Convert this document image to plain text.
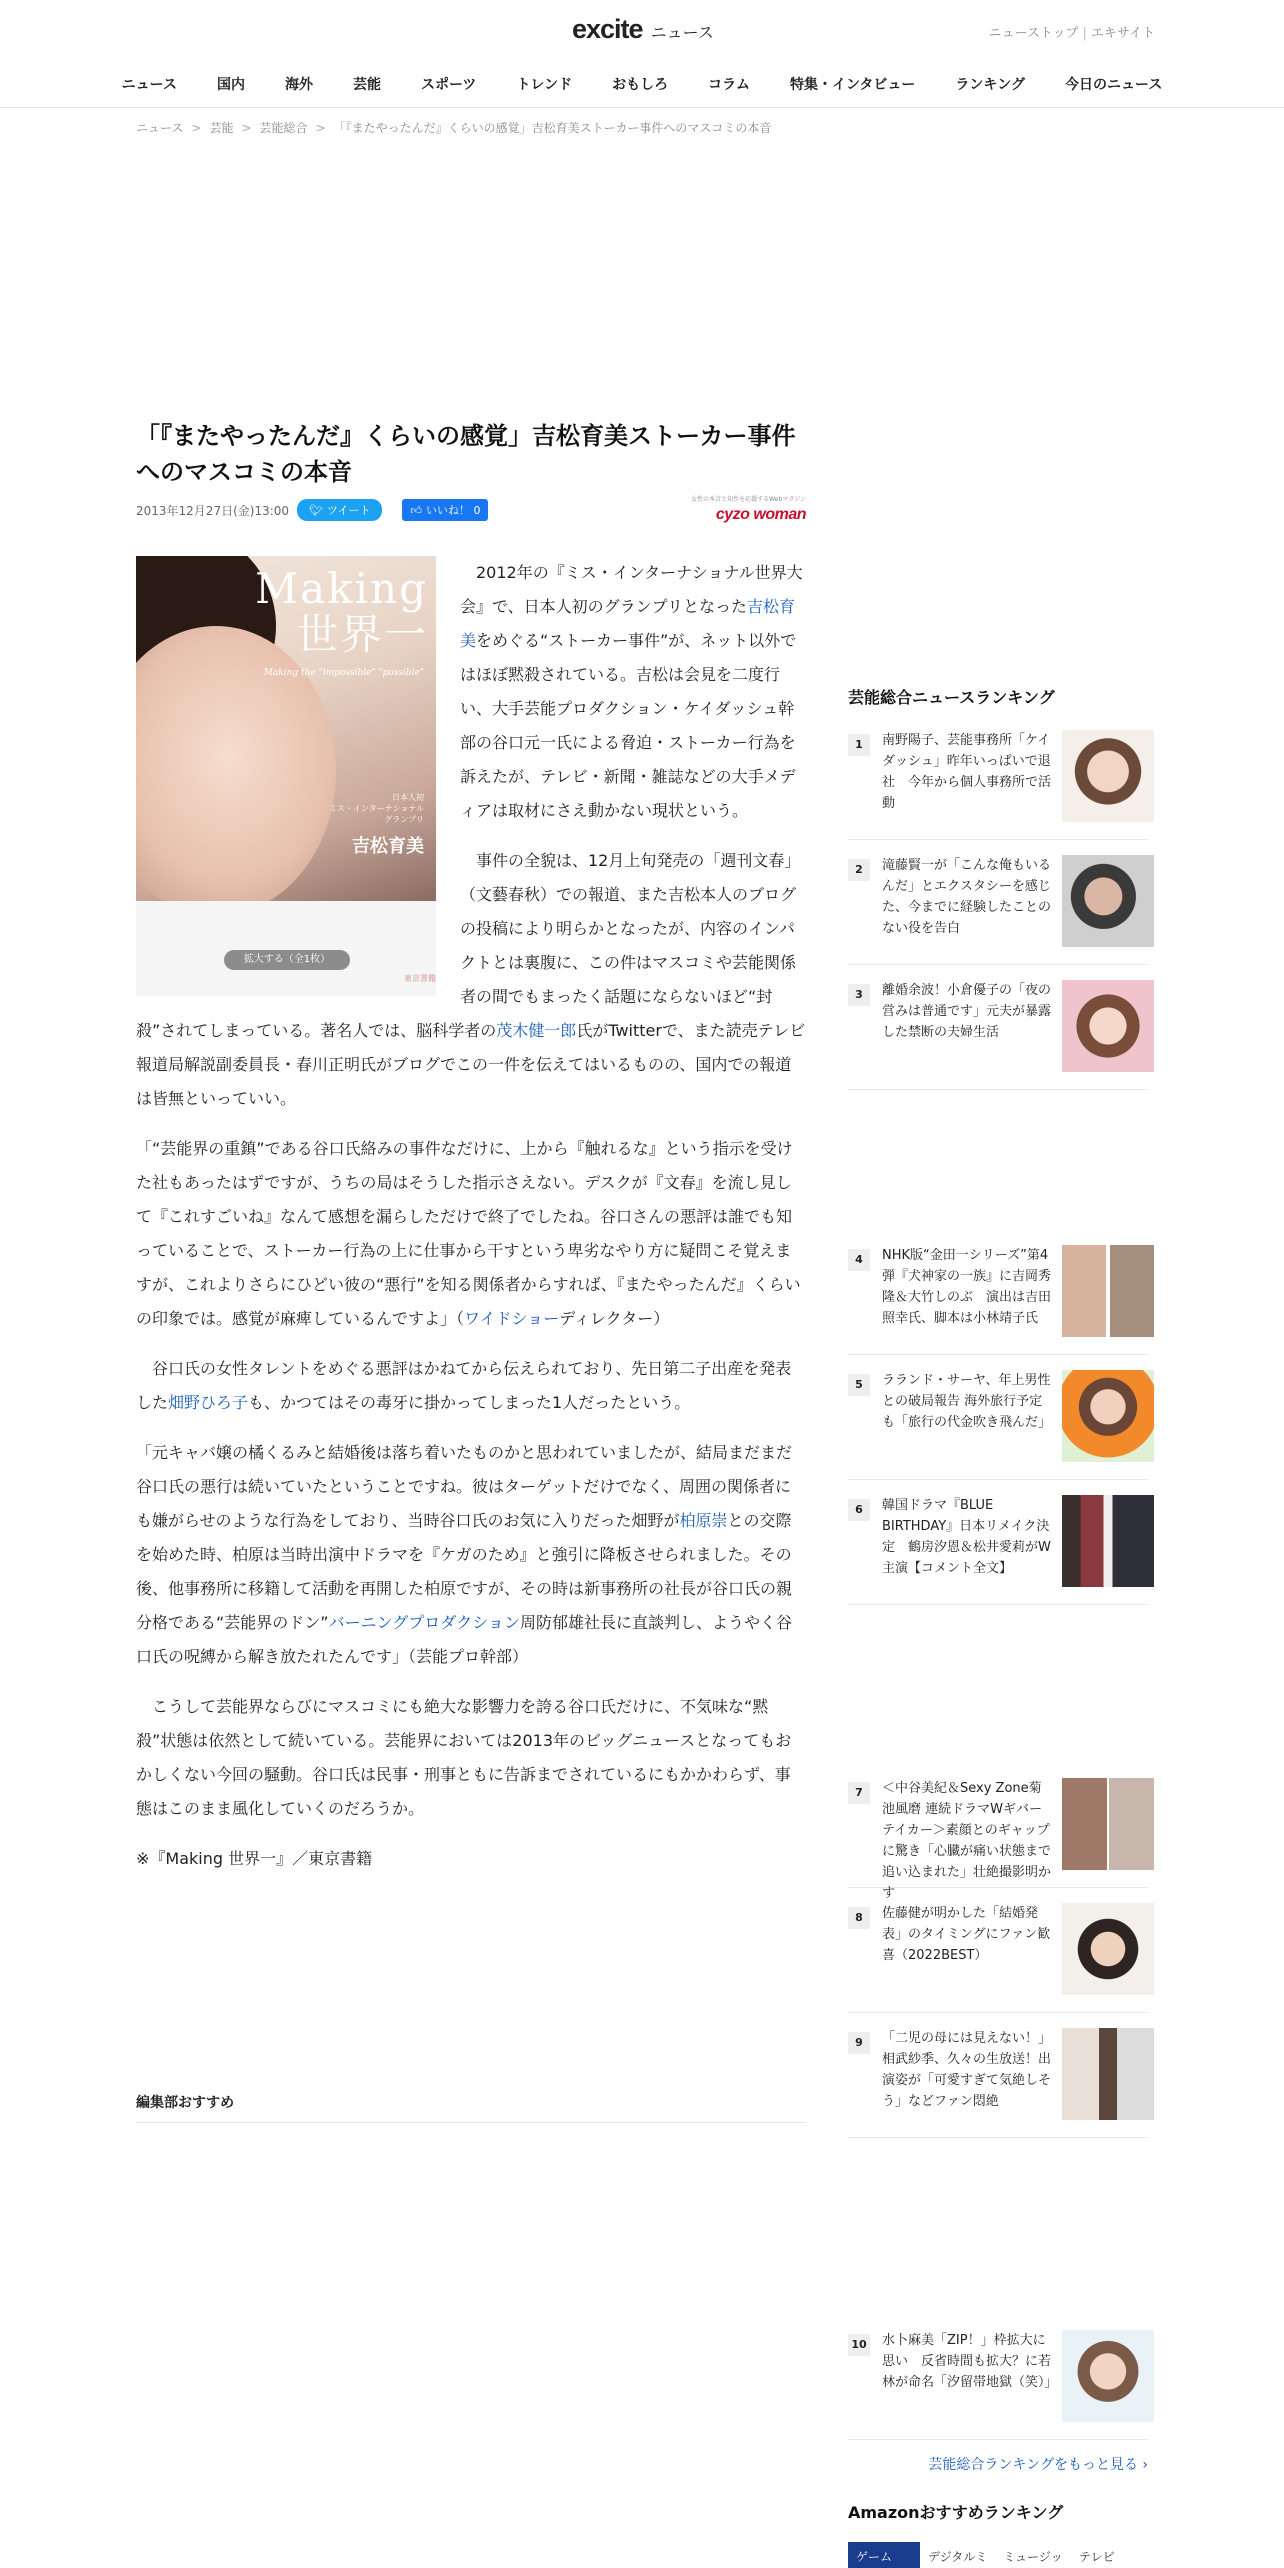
excite ニュース	ニューストップ | エキサイト
ニュース	国内	海外	芸能	スポーツ	トレンド	おもしろ	コラム	特集・インタビュー	ランキング	今日のニュース
ニュース > 芸能 > 芸能総合 > 「『またやったんだ』くらいの感覚」吉松育美ストーカー事件へのマスコミの本音
「『またやったんだ』くらいの感覚」吉松育美ストーカー事件へのマスコミの本音
2013年12月27日(金)13:00 🐦︎ ツイート	👍︎ いいね！ 0
女性の本音と知性を応援するWebマガジン
cyzo woman
Making
世界一
Making the "impossible" "possible"
日本人初
ミス・インターナショナル
グランプリ
吉松育美
拡大する（全1枚）
東京書籍

2012年の『ミス・インターナショナル世界大会』で、日本人初のグランプリとなった吉松育美をめぐる“ストーカー事件”が、ネット以外ではほぼ黙殺されている。吉松は会見を二度行い、大手芸能プロダクション・ケイダッシュ幹部の谷口元一氏による脅迫・ストーカー行為を訴えたが、テレビ・新聞・雑誌などの大手メディアは取材にさえ動かない現状という。

事件の全貌は、12月上旬発売の「週刊文春」（文藝春秋）での報道、また吉松本人のブログの投稿により明らかとなったが、内容のインパクトとは裏腹に、この件はマスコミや芸能関係者の間でもまったく話題にならないほど“封殺”されてしまっている。著名人では、脳科学者の茂木健一郎氏がTwitterで、また読売テレビ報道局解説副委員長・春川正明氏がブログでこの一件を伝えてはいるものの、国内での報道は皆無といっていい。

「“芸能界の重鎮”である谷口氏絡みの事件なだけに、上から『触れるな』という指示を受けた社もあったはずですが、うちの局はそうした指示さえない。デスクが『文春』を流し見して『これすごいね』なんて感想を漏らしただけで終了でしたね。谷口さんの悪評は誰でも知っていることで、ストーカー行為の上に仕事から干すという卑劣なやり方に疑問こそ覚えますが、これよりさらにひどい彼の“悪行”を知る関係者からすれば、『またやったんだ』くらいの印象では。感覚が麻痺しているんですよ」（ワイドショーディレクター）

谷口氏の女性タレントをめぐる悪評はかねてから伝えられており、先日第二子出産を発表した畑野ひろ子も、かつてはその毒牙に掛かってしまった1人だったという。

「元キャバ嬢の橘くるみと結婚後は落ち着いたものかと思われていましたが、結局まだまだ谷口氏の悪行は続いていたということですね。彼はターゲットだけでなく、周囲の関係者にも嫌がらせのような行為をしており、当時谷口氏のお気に入りだった畑野が柏原崇との交際を始めた時、柏原は当時出演中ドラマを『ケガのため』と強引に降板させられました。その後、他事務所に移籍して活動を再開した柏原ですが、その時は新事務所の社長が谷口氏の親分格である“芸能界のドン”バーニングプロダクション周防郁雄社長に直談判し、ようやく谷口氏の呪縛から解き放たれたんです」（芸能プロ幹部）

こうして芸能界ならびにマスコミにも絶大な影響力を誇る谷口氏だけに、不気味な“黙殺”状態は依然として続いている。芸能界においては2013年のビッグニュースとなってもおかしくない今回の騒動。谷口氏は民事・刑事ともに告訴までされているにもかかわらず、事態はこのまま風化していくのだろうか。

※『Making 世界一』／東京書籍

編集部おすすめ
芸能総合ニュースランキング
1	南野陽子、芸能事務所「ケイダッシュ」昨年いっぱいで退社　今年から個人事務所で活動
2	滝藤賢一が「こんな俺もいるんだ」とエクスタシーを感じた、今までに経験したことのない役を告白
3	離婚余波！小倉優子の「夜の営みは普通です」元夫が暴露した禁断の夫婦生活
4	NHK版“金田一シリーズ”第4弾『犬神家の一族』に吉岡秀隆＆大竹しのぶ　演出は吉田照幸氏、脚本は小林靖子氏
5	ラランド・サーヤ、年上男性との破局報告 海外旅行予定も「旅行の代金吹き飛んだ」
6	韓国ドラマ『BLUE BIRTHDAY』日本リメイク決定　鶴房汐恩＆松井愛莉がW主演【コメント全文】
7	＜中谷美紀＆Sexy Zone菊池風磨 連続ドラマWギバーテイカー＞素顔とのギャップに驚き「心臓が痛い状態まで追い込まれた」壮絶撮影明かす
8	佐藤健が明かした「結婚発表」のタイミングにファン歓喜（2022BEST）
9	「二児の母には見えない！」相武紗季、久々の生放送！出演姿が「可愛すぎて気絶しそう」などファン悶絶
10 水卜麻美「ZIP！」枠拡大に思い　反省時間も拡大？に若林が命名「汐留帯地獄（笑）」
芸能総合ランキングをもっと見る ›
Amazonおすすめランキング
ゲーム	デジタルミ	ミュージッ	テレビ
